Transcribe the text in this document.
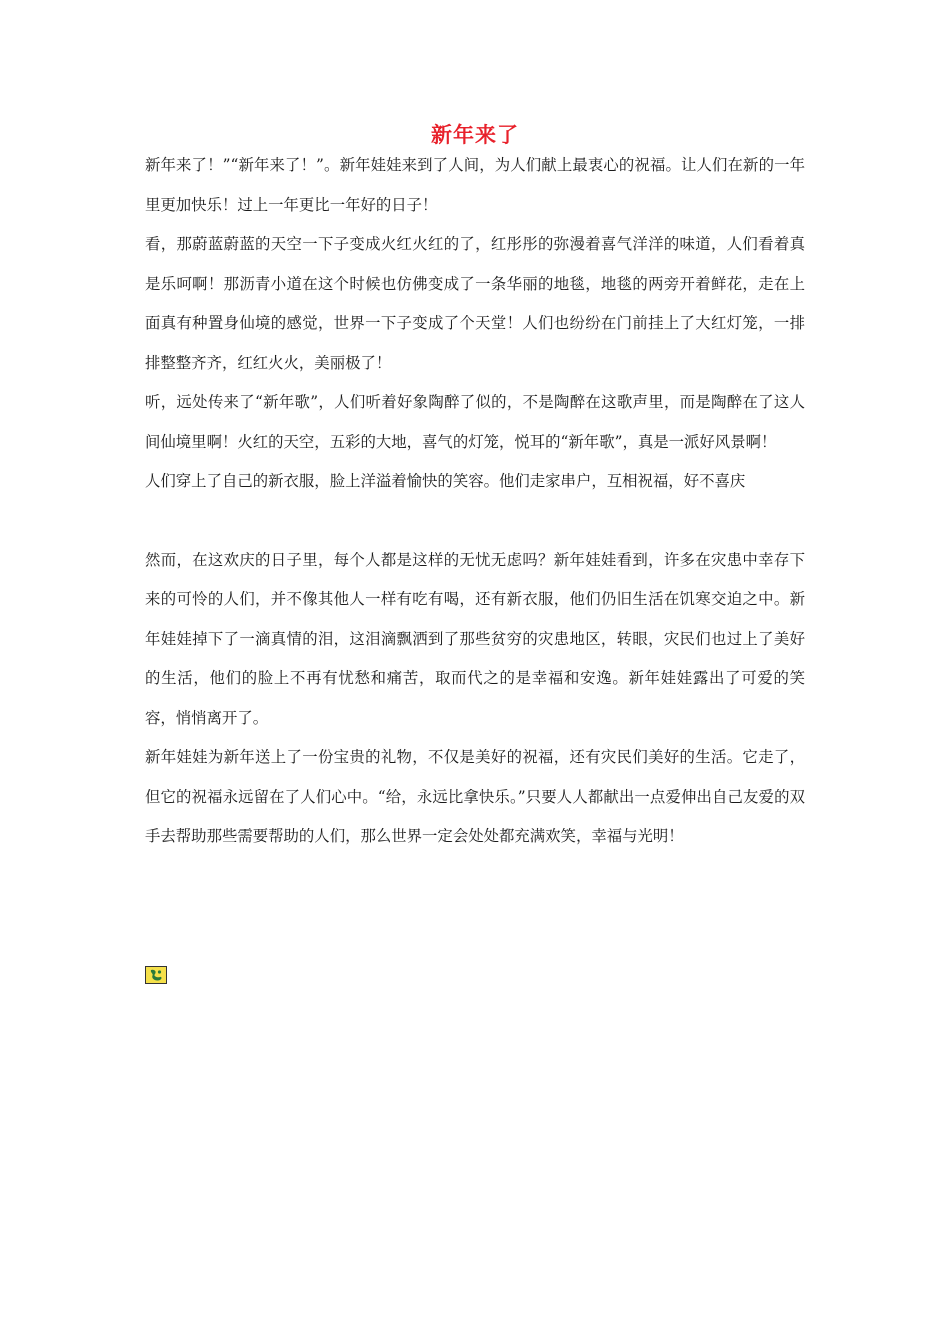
新年来了

新年来了！”“新年来了！”。新年娃娃来到了人间，为人们献上最衷心的祝福。让人们在新的一年里更加快乐！过上一年更比一年好的日子！

看，那蔚蓝蔚蓝的天空一下子变成火红火红的了，红彤彤的弥漫着喜气洋洋的味道，人们看着真是乐呵啊！那沥青小道在这个时候也仿佛变成了一条华丽的地毯，地毯的两旁开着鲜花，走在上面真有种置身仙境的感觉，世界一下子变成了个天堂！人们也纷纷在门前挂上了大红灯笼，一排排整整齐齐，红红火火，美丽极了！

听，远处传来了“新年歌”，人们听着好象陶醉了似的，不是陶醉在这歌声里，而是陶醉在了这人间仙境里啊！火红的天空，五彩的大地，喜气的灯笼，悦耳的“新年歌”，真是一派好风景啊！

人们穿上了自己的新衣服，脸上洋溢着愉快的笑容。他们走家串户，互相祝福，好不喜庆

然而，在这欢庆的日子里，每个人都是这样的无忧无虑吗？新年娃娃看到，许多在灾患中幸存下来的可怜的人们，并不像其他人一样有吃有喝，还有新衣服，他们仍旧生活在饥寒交迫之中。新年娃娃掉下了一滴真情的泪，这泪滴飘洒到了那些贫穷的灾患地区，转眼，灾民们也过上了美好的生活，他们的脸上不再有忧愁和痛苦，取而代之的是幸福和安逸。新年娃娃露出了可爱的笑容，悄悄离开了。

新年娃娃为新年送上了一份宝贵的礼物，不仅是美好的祝福，还有灾民们美好的生活。它走了，但它的祝福永远留在了人们心中。“给，永远比拿快乐。”只要人人都献出一点爱伸出自己友爱的双手去帮助那些需要帮助的人们，那么世界一定会处处都充满欢笑，幸福与光明！
